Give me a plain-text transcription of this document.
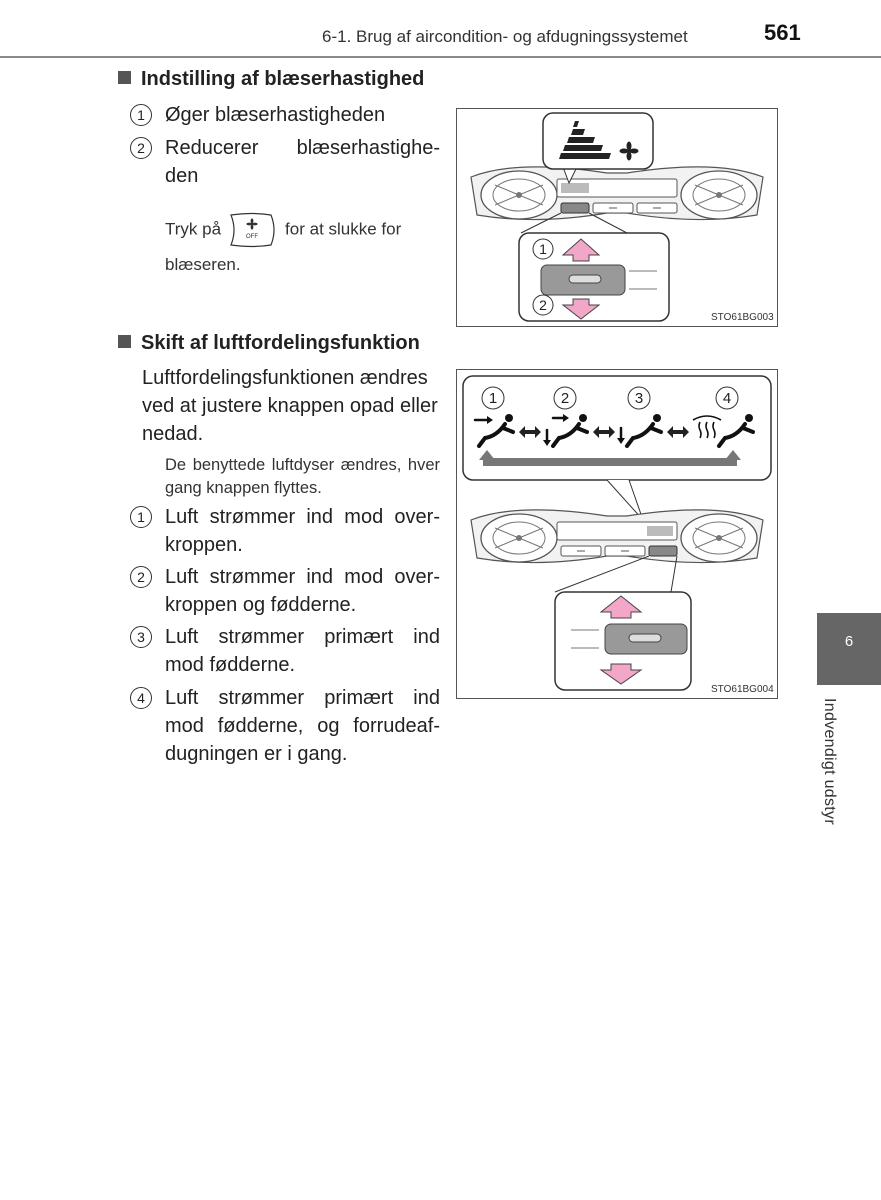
6-1. Brug af aircondition- og afdugningssystemet	561
Indstilling af blæserhastighed
1	Øger blæserhastigheden
2	Reducerer blæserhastighe-den
Tryk på	OFF for at slukke for blæseren.
1
2
STO61BG003
Skift af luftfordelingsfunktion
Luftfordelingsfunktionen ændres ved at justere knappen opad eller nedad.
De benyttede luftdyser ændres, hver gang knappen flyttes.
1	Luft strømmer ind mod over-kroppen.
2	Luft strømmer ind mod over-kroppen og fødderne.
3	Luft strømmer primært ind mod fødderne.
4	Luft strømmer primært ind mod fødderne, og forrudeaf-dugningen er i gang.
1	2	3	4
STO61BG004
6
Indvendigt udstyr
